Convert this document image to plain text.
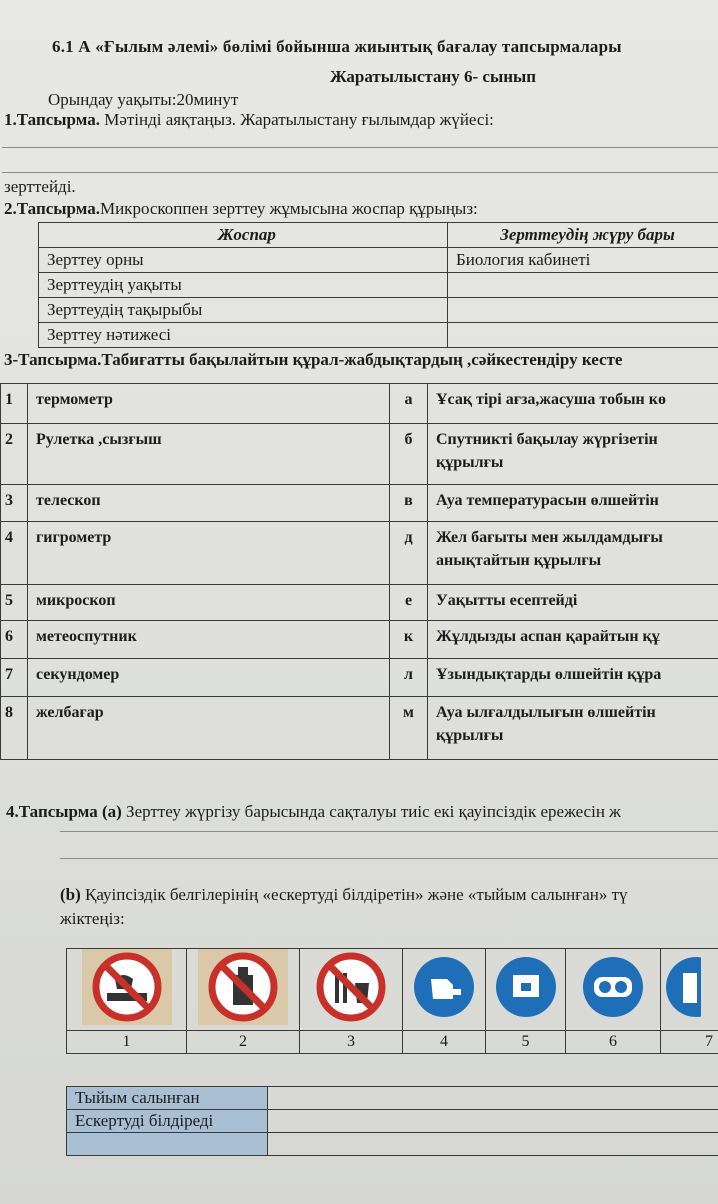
6.1 А «Ғылым әлемі» бөлімі бойынша жиынтық бағалау тапсырмалары
Жаратылыстану 6- сынып
Орындау уақыты:20минут
1.Тапсырма. Мәтінді аяқтаңыз. Жаратылыстану ғылымдар жүйесі:
зерттейді.
2.Тапсырма.Микроскоппен зерттеу жұмысына жоспар құрыңыз:
Жоспар	Зерттеудің жүру бары
Зерттеу орны	Биология кабинеті
Зерттеудің уақыты	
Зерттеудің тақырыбы	
Зерттеу нәтижесі	
3-Тапсырма.Табиғатты бақылайтын құрал-жабдықтардың ,сәйкестендіру кесте
1	термометр	а	Ұсақ тірі ағза,жасуша тобын кө
2	Рулетка ,сызғыш	б	Спутникті бақылау жүргізетін құрылғы
3	телескоп	в	Ауа температурасын өлшейтін
4	гигрометр	д	Жел бағыты мен жылдамдығы анықтайтын құрылғы
5	микроскоп	е	Уақытты есептейді
6	метеоспутник	к	Жұлдызды аспан қарайтын құ
7	секундомер	л	Ұзындықтарды өлшейтін құра
8	желбағар	м	Ауа ылғалдылығын өлшейтін құрылғы
4.Тапсырма (а) Зерттеу жүргізу барысында сақталуы тиіс екі қауіпсіздік ережесін ж
(b) Қауіпсіздік белгілерінің «ескертуді білдіретін» және «тыйым салынған» тү
жіктеңіз:

1	2	3	4	5	6	7
Тыйым салынған	
Ескертуді білдіреді	
